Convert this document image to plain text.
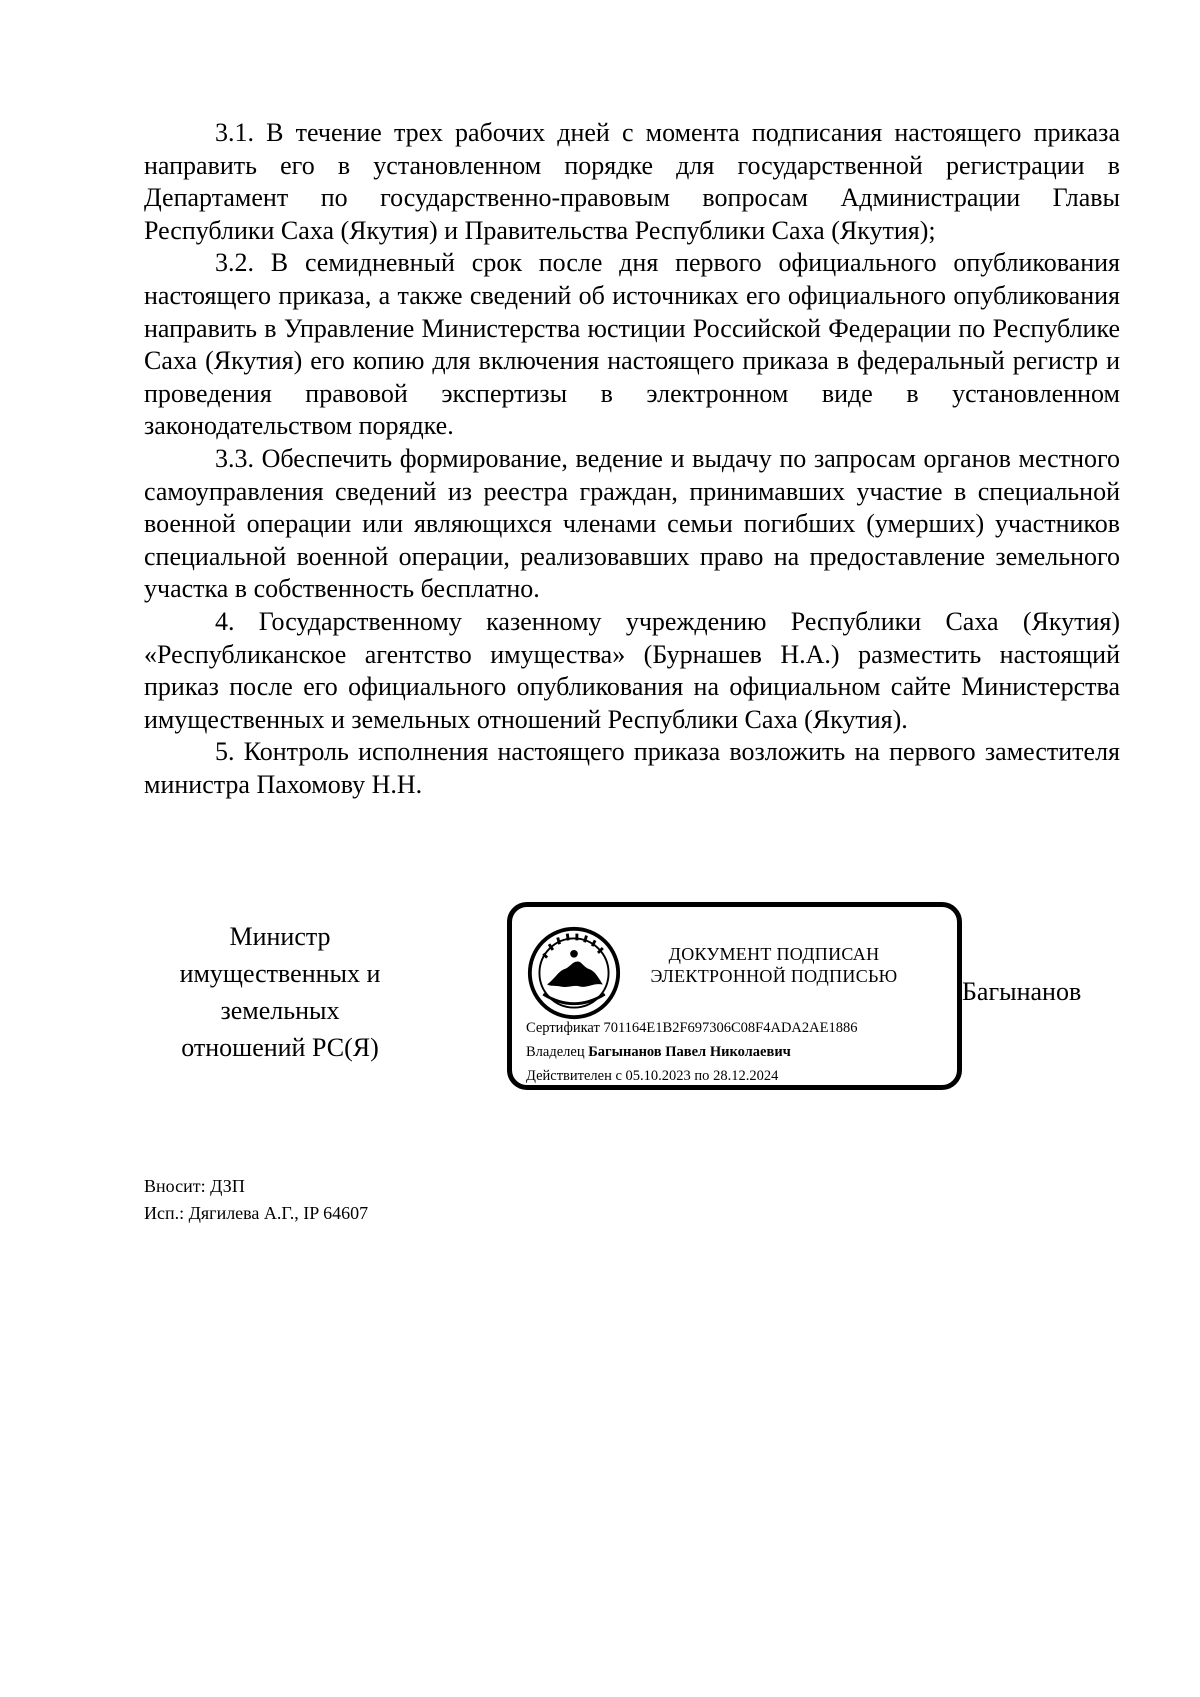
3.1. В течение трех рабочих дней с момента подписания настоящего приказа направить его в установленном порядке для государственной регистрации в Департамент по государственно-правовым вопросам Администрации Главы Республики Саха (Якутия) и Правительства Республики Саха (Якутия);

3.2. В семидневный срок после дня первого официального опубликования настоящего приказа, а также сведений об источниках его официального опубликования направить в Управление Министерства юстиции Российской Федерации по Республике Саха (Якутия) его копию для включения настоящего приказа в федеральный регистр и проведения правовой экспертизы в электронном виде в установленном законодательством порядке.

3.3. Обеспечить формирование, ведение и выдачу по запросам органов местного самоуправления сведений из реестра граждан, принимавших участие в специальной военной операции или являющихся членами семьи погибших (умерших) участников специальной военной операции, реализовавших право на предоставление земельного участка в собственность бесплатно.

4. Государственному казенному учреждению Республики Саха (Якутия) «Республиканское агентство имущества» (Бурнашев Н.А.) разместить настоящий приказ после его официального опубликования на официальном сайте Министерства имущественных и земельных отношений Республики Саха (Якутия).

5. Контроль исполнения настоящего приказа возложить на первого заместителя министра Пахомову Н.Н.

Министр
имущественных и
земельных
отношений РС(Я)
Багынанов
ДОКУМЕНТ ПОДПИСАН
ЭЛЕКТРОННОЙ ПОДПИСЬЮ
Сертификат 701164E1B2F697306C08F4ADA2AE1886
Владелец Багынанов Павел Николаевич
Действителен с 05.10.2023 по 28.12.2024
Вносит: ДЗП
Исп.: Дягилева А.Г., IP 64607
